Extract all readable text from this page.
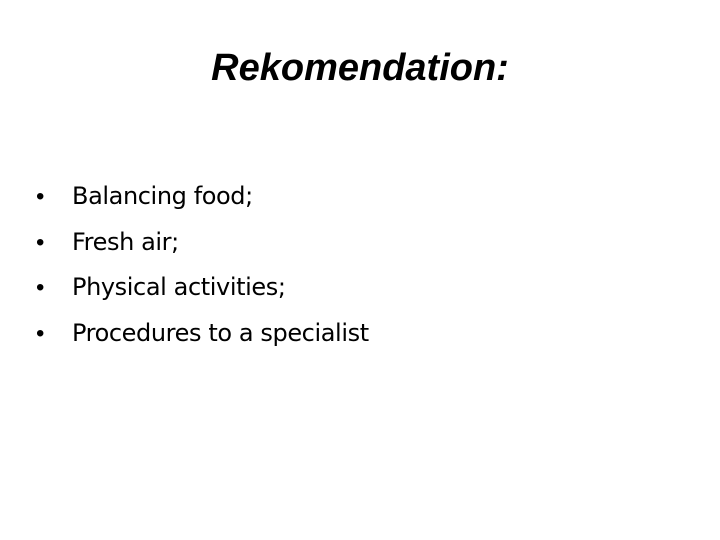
Rekomendation:
•	Balancing food;
•	Fresh air;
•	Physical activities;
•	Procedures to a specialist
